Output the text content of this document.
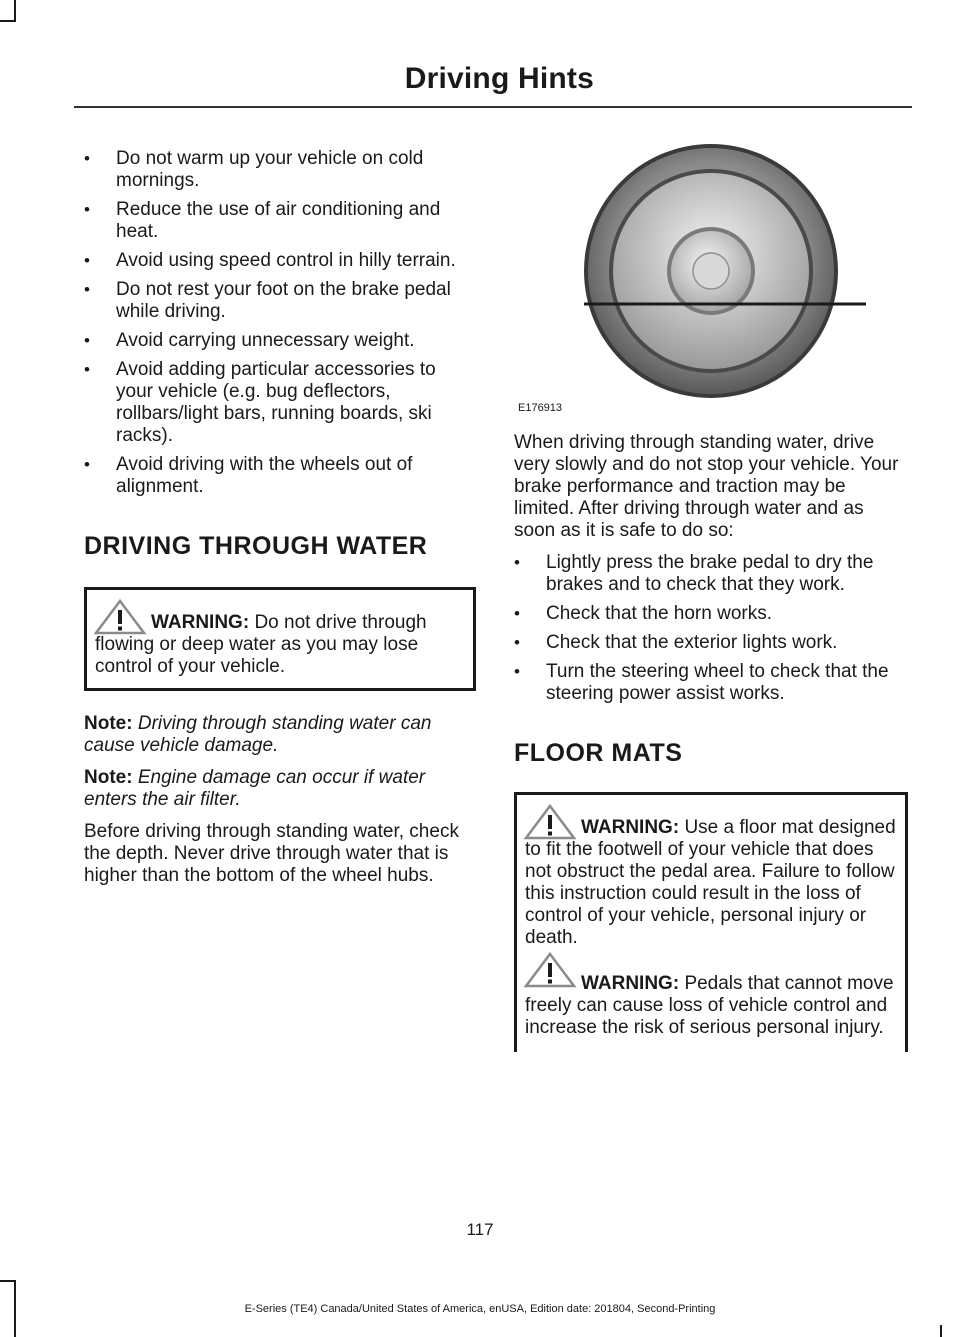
Driving Hints
• Do not warm up your vehicle on cold mornings.
• Reduce the use of air conditioning and heat.
• Avoid using speed control in hilly terrain.
• Do not rest your foot on the brake pedal while driving.
• Avoid carrying unnecessary weight.
• Avoid adding particular accessories to your vehicle (e.g. bug deflectors, rollbars/light bars, running boards, ski racks).
• Avoid driving with the wheels out of alignment.
DRIVING THROUGH WATER
WARNING: Do not drive through flowing or deep water as you may lose control of your vehicle.

Note: Driving through standing water can cause vehicle damage.

Note: Engine damage can occur if water enters the air filter.

Before driving through standing water, check the depth. Never drive through water that is higher than the bottom of the wheel hubs.

E176913

When driving through standing water, drive very slowly and do not stop your vehicle. Your brake performance and traction may be limited. After driving through water and as soon as it is safe to do so:

• Lightly press the brake pedal to dry the brakes and to check that they work.
• Check that the horn works.
• Check that the exterior lights work.
• Turn the steering wheel to check that the steering power assist works.
FLOOR MATS
WARNING: Use a floor mat designed to fit the footwell of your vehicle that does not obstruct the pedal area. Failure to follow this instruction could result in the loss of control of your vehicle, personal injury or death.
WARNING: Pedals that cannot move freely can cause loss of vehicle control and increase the risk of serious personal injury.
117
E-Series (TE4) Canada/United States of America, enUSA, Edition date: 201804, Second-Printing
